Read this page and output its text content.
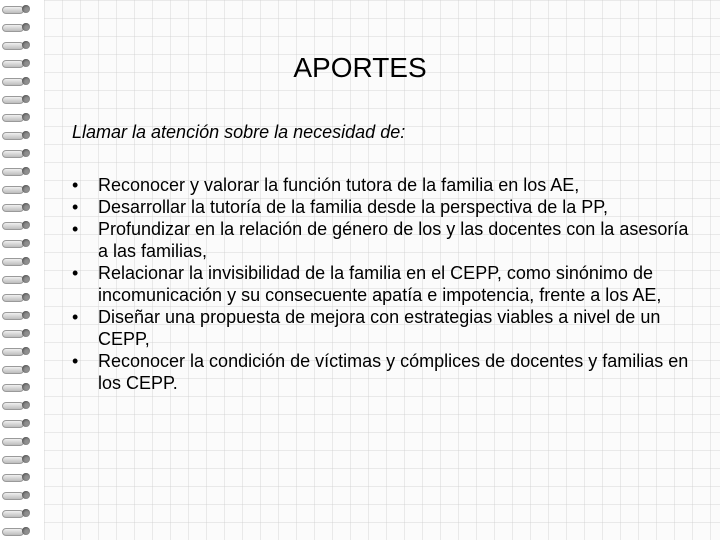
APORTES
Llamar la atención sobre la necesidad de:
• Reconocer y valorar la función tutora de la familia en los AE,
• Desarrollar la tutoría de la familia desde la perspectiva de la PP,
• Profundizar en la relación de género de los y las docentes con la asesoría a las familias,
• Relacionar la invisibilidad de la familia en el CEPP, como sinónimo de incomunicación y su consecuente apatía e impotencia, frente a los AE,
• Diseñar una propuesta de mejora con estrategias viables a nivel de un CEPP,
• Reconocer la condición de víctimas y cómplices de docentes y familias en los CEPP.
